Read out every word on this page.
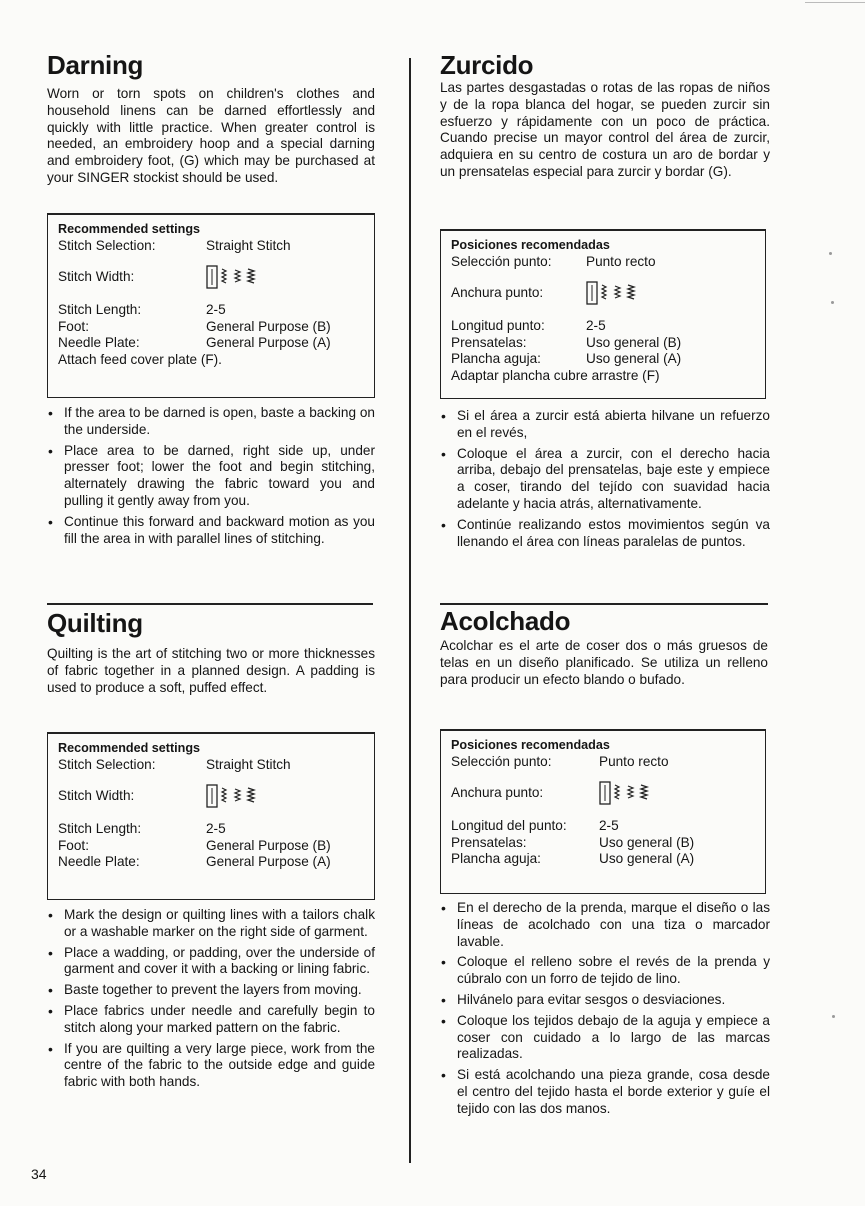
Darning

Worn or torn spots on children's clothes and household linens can be darned effortlessly and quickly with little practice. When greater control is needed, an embroidery hoop and a special darning and embroidery foot, (G) which may be purchased at your SINGER stockist should be used.

Recommended settings
Stitch Selection:	Straight Stitch
Stitch Width:
Stitch Length:	2-5
Foot:	General Purpose (B)
Needle Plate:	General Purpose (A)
Attach feed cover plate (F).
• If the area to be darned is open, baste a backing on the underside.
• Place area to be darned, right side up, under presser foot; lower the foot and begin stitching, alternately drawing the fabric toward you and pulling it gently away from you.
• Continue this forward and backward motion as you fill the area in with parallel lines of stitching.
Quilting

Quilting is the art of stitching two or more thicknesses of fabric together in a planned design. A padding is used to produce a soft, puffed effect.

Recommended settings
Stitch Selection:	Straight Stitch
Stitch Width:
Stitch Length:	2-5
Foot:	General Purpose (B)
Needle Plate:	General Purpose (A)
• Mark the design or quilting lines with a tailors chalk or a washable marker on the right side of garment.
• Place a wadding, or padding, over the underside of garment and cover it with a backing or lining fabric.
• Baste together to prevent the layers from moving.
• Place fabrics under needle and carefully begin to stitch along your marked pattern on the fabric.
• If you are quilting a very large piece, work from the centre of the fabric to the outside edge and guide fabric with both hands.
Zurcido

Las partes desgastadas o rotas de las ropas de niños y de la ropa blanca del hogar, se pueden zurcir sin esfuerzo y rápidamente con un poco de práctica. Cuando precise un mayor control del área de zurcir, adquiera en su centro de costura un aro de bordar y un prensatelas especial para zurcir y bordar (G).

Posiciones recomendadas
Selección punto:	Punto recto
Anchura punto:
Longitud punto:	2-5
Prensatelas:	Uso general (B)
Plancha aguja:	Uso general (A)
Adaptar plancha cubre arrastre (F)
• Si el área a zurcir está abierta hilvane un refuerzo en el revés,
• Coloque el área a zurcir, con el derecho hacia arriba, debajo del prensatelas, baje este y empiece a coser, tirando del tejído con suavidad hacia adelante y hacia atrás, alternativamente.
• Continúe realizando estos movimientos según va llenando el área con líneas paralelas de puntos.
Acolchado

Acolchar es el arte de coser dos o más gruesos de telas en un diseño planificado. Se utiliza un relleno para producir un efecto blando o bufado.

Posiciones recomendadas
Selección punto:	Punto recto
Anchura punto:
Longitud del punto:	2-5
Prensatelas:	Uso general (B)
Plancha aguja:	Uso general (A)
• En el derecho de la prenda, marque el diseño o las líneas de acolchado con una tiza o marcador lavable.
• Coloque el relleno sobre el revés de la prenda y cúbralo con un forro de tejido de lino.
• Hilvánelo para evitar sesgos o desviaciones.
• Coloque los tejidos debajo de la aguja y empiece a coser con cuidado a lo largo de las marcas realizadas.
• Si está acolchando una pieza grande, cosa desde el centro del tejido hasta el borde exterior y guíe el tejido con las dos manos.
34
